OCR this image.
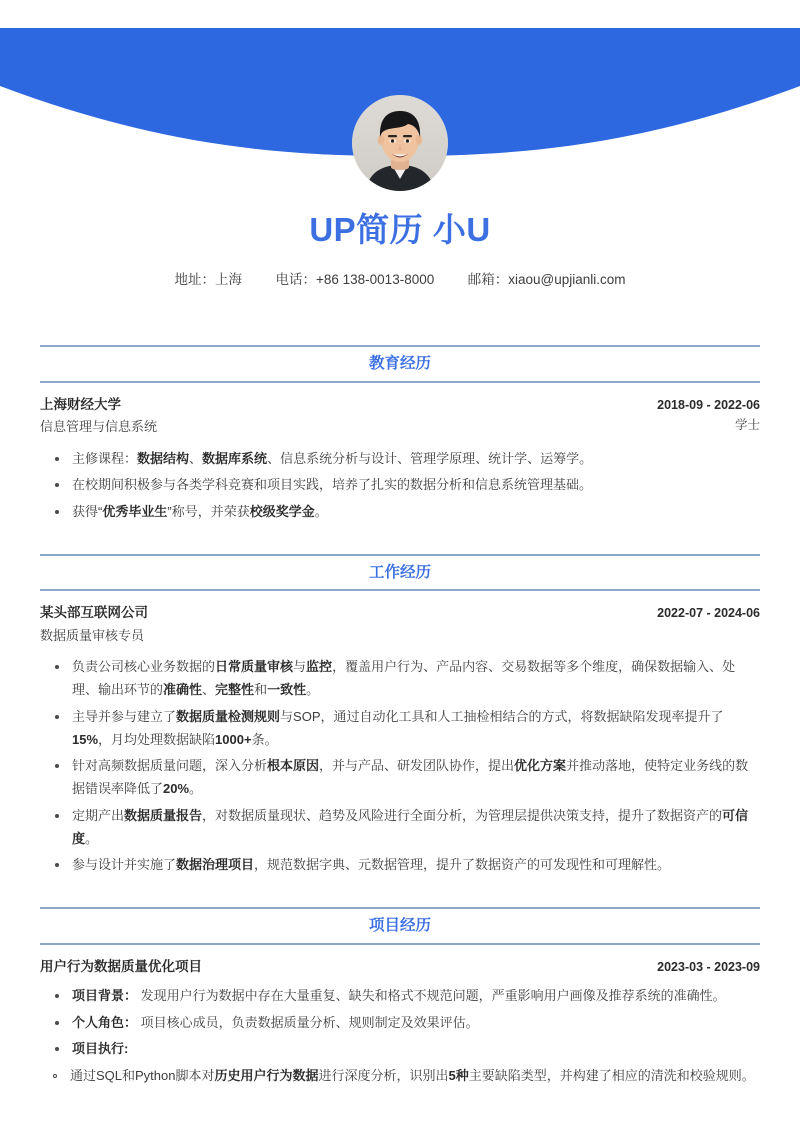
UP简历 小U
地址：上海 电话：+86 138-0013-8000 邮箱：xiaou@upjianli.com
教育经历
上海财经大学
信息管理与信息系统
2018-09 - 2022-06
学士
主修课程：数据结构、数据库系统、信息系统分析与设计、管理学原理、统计学、运筹学。
在校期间积极参与各类学科竞赛和项目实践，培养了扎实的数据分析和信息系统管理基础。
获得“优秀毕业生”称号，并荣获校级奖学金。
工作经历
某头部互联网公司
数据质量审核专员
2022-07 - 2024-06
负责公司核心业务数据的日常质量审核与监控，覆盖用户行为、产品内容、交易数据等多个维度，确保数据输入、处理、输出环节的准确性、完整性和一致性。
主导并参与建立了数据质量检测规则与SOP，通过自动化工具和人工抽检相结合的方式，将数据缺陷发现率提升了15%，月均处理数据缺陷1000+条。
针对高频数据质量问题，深入分析根本原因，并与产品、研发团队协作，提出优化方案并推动落地，使特定业务线的数据错误率降低了20%。
定期产出数据质量报告，对数据质量现状、趋势及风险进行全面分析，为管理层提供决策支持，提升了数据资产的可信度。
参与设计并实施了数据治理项目，规范数据字典、元数据管理，提升了数据资产的可发现性和可理解性。
项目经历
用户行为数据质量优化项目	2023-03 - 2023-09
项目背景： 发现用户行为数据中存在大量重复、缺失和格式不规范问题，严重影响用户画像及推荐系统的准确性。
个人角色： 项目核心成员，负责数据质量分析、规则制定及效果评估。
项目执行:
通过SQL和Python脚本对历史用户行为数据进行深度分析，识别出5种主要缺陷类型，并构建了相应的清洗和校验规则。
